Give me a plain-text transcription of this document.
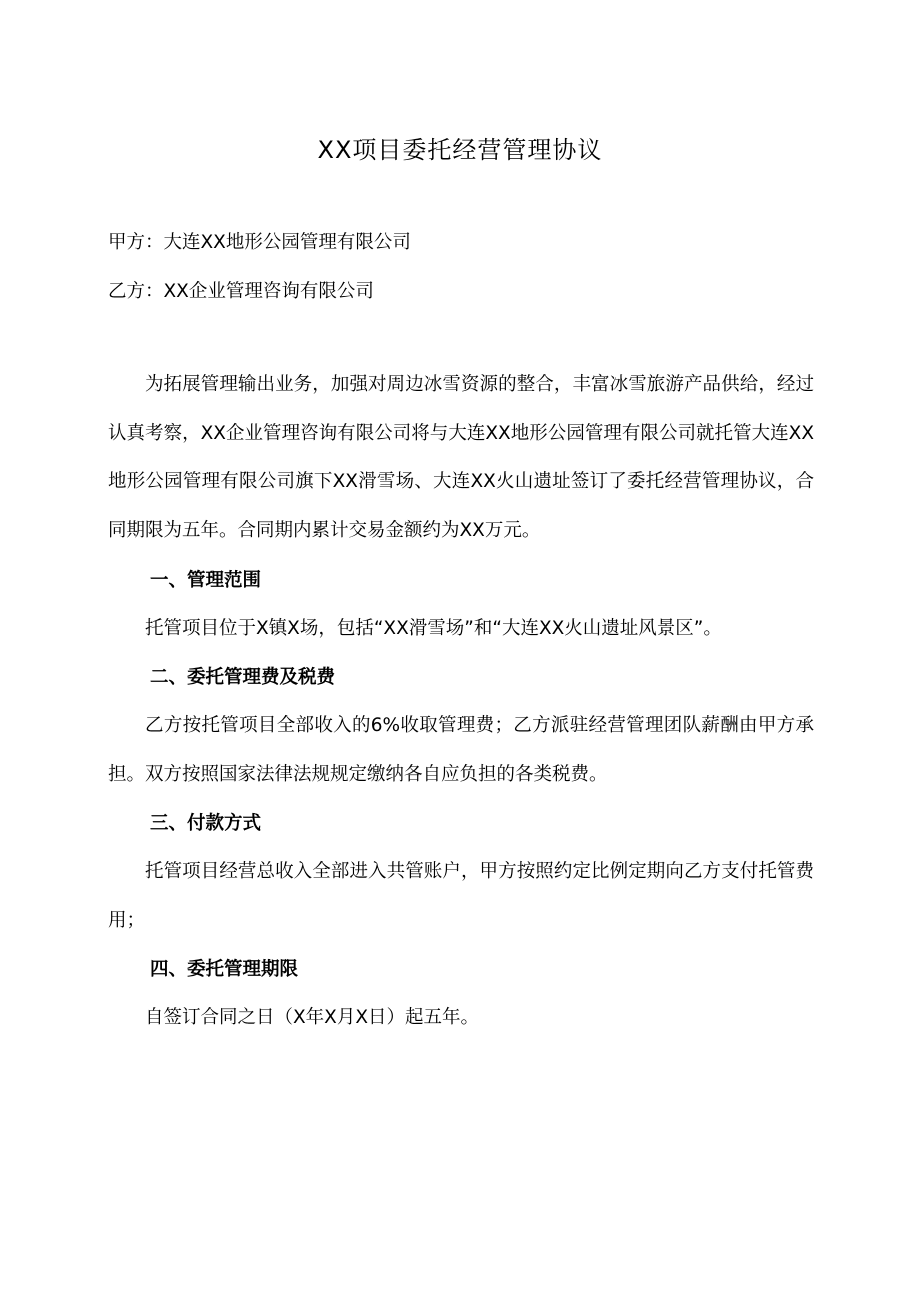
XX项目委托经营管理协议
甲方：大连XX地形公园管理有限公司
乙方：XX企业管理咨询有限公司

为拓展管理输出业务，加强对周边冰雪资源的整合，丰富冰雪旅游产品供给，经过认真考察，XX企业管理咨询有限公司将与大连XX地形公园管理有限公司就托管大连XX地形公园管理有限公司旗下XX滑雪场、大连XX火山遗址签订了委托经营管理协议，合同期限为五年。合同期内累计交易金额约为XX万元。

一、管理范围

托管项目位于X镇X场，包括“XX滑雪场”和“大连XX火山遗址风景区”。

二、委托管理费及税费

乙方按托管项目全部收入的6%收取管理费；乙方派驻经营管理团队薪酬由甲方承担。双方按照国家法律法规规定缴纳各自应负担的各类税费。

三、付款方式

托管项目经营总收入全部进入共管账户，甲方按照约定比例定期向乙方支付托管费用；

四、委托管理期限

自签订合同之日（X年X月X日）起五年。
